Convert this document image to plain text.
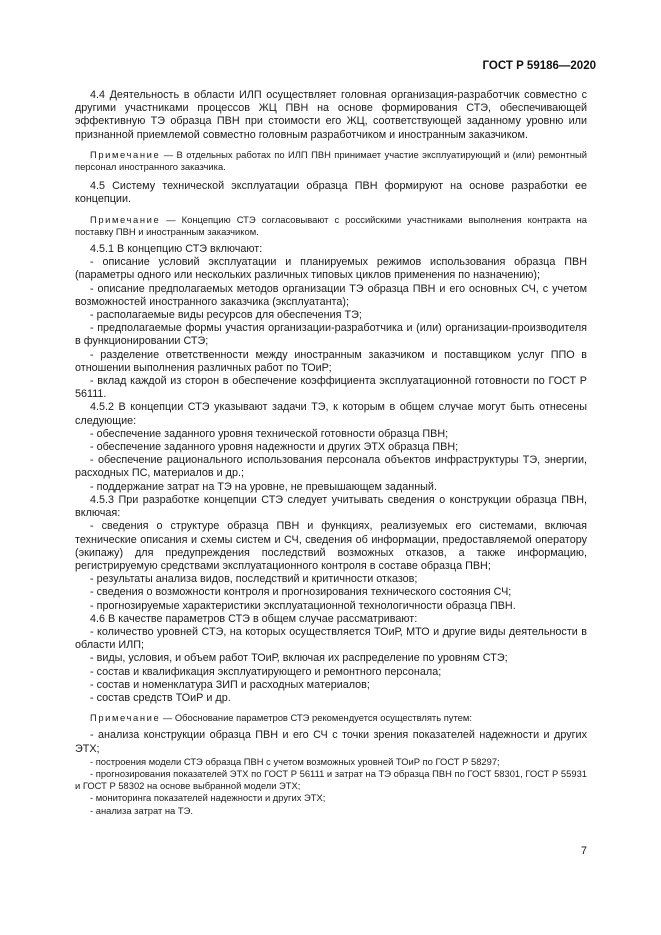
ГОСТ Р 59186—2020

4.4 Деятельность в области ИЛП осуществляет головная организация-разработчик совместно с другими участниками процессов ЖЦ ПВН на основе формирования СТЭ, обеспечивающей эффективную ТЭ образца ПВН при стоимости его ЖЦ, соответствующей заданному уровню или признанной приемлемой совместно головным разработчиком и иностранным заказчиком.

Примечание — В отдельных работах по ИЛП ПВН принимает участие эксплуатирующий и (или) ремонтный персонал иностранного заказчика.

4.5 Систему технической эксплуатации образца ПВН формируют на основе разработки ее концепции.

Примечание — Концепцию СТЭ согласовывают с российскими участниками выполнения контракта на поставку ПВН и иностранным заказчиком.

4.5.1 В концепцию СТЭ включают:

- описание условий эксплуатации и планируемых режимов использования образца ПВН (параметры одного или нескольких различных типовых циклов применения по назначению);

- описание предполагаемых методов организации ТЭ образца ПВН и его основных СЧ, с учетом возможностей иностранного заказчика (эксплуатанта);

- располагаемые виды ресурсов для обеспечения ТЭ;

- предполагаемые формы участия организации-разработчика и (или) организации-производителя в функционировании СТЭ;

- разделение ответственности между иностранным заказчиком и поставщиком услуг ППО в отношении выполнения различных работ по ТОиР;

- вклад каждой из сторон в обеспечение коэффициента эксплуатационной готовности по ГОСТ Р 56111.

4.5.2 В концепции СТЭ указывают задачи ТЭ, к которым в общем случае могут быть отнесены следующие:

- обеспечение заданного уровня технической готовности образца ПВН;

- обеспечение заданного уровня надежности и других ЭТХ образца ПВН;

- обеспечение рационального использования персонала объектов инфраструктуры ТЭ, энергии, расходных ПС, материалов и др.;

- поддержание затрат на ТЭ на уровне, не превышающем заданный.

4.5.3 При разработке концепции СТЭ следует учитывать сведения о конструкции образца ПВН, включая:

- сведения о структуре образца ПВН и функциях, реализуемых его системами, включая технические описания и схемы систем и СЧ, сведения об информации, предоставляемой оператору (экипажу) для предупреждения последствий возможных отказов, а также информацию, регистрируемую средствами эксплуатационного контроля в составе образца ПВН;

- результаты анализа видов, последствий и критичности отказов;

- сведения о возможности контроля и прогнозирования технического состояния СЧ;

- прогнозируемые характеристики эксплуатационной технологичности образца ПВН.

4.6 В качестве параметров СТЭ в общем случае рассматривают:

- количество уровней СТЭ, на которых осуществляется ТОиР, МТО и другие виды деятельности в области ИЛП;

- виды, условия, и объем работ ТОиР, включая их распределение по уровням СТЭ;

- состав и квалификация эксплуатирующего и ремонтного персонала;

- состав и номенклатура ЗИП и расходных материалов;

- состав средств ТОиР и др.

Примечание — Обоснование параметров СТЭ рекомендуется осуществлять путем:

- анализа конструкции образца ПВН и его СЧ с точки зрения показателей надежности и других ЭТХ;

- построения модели СТЭ образца ПВН с учетом возможных уровней ТОиР по ГОСТ Р 58297;

- прогнозирования показателей ЭТХ по ГОСТ Р 56111 и затрат на ТЭ образца ПВН по ГОСТ 58301, ГОСТ Р 55931 и ГОСТ Р 58302 на основе выбранной модели ЭТХ;

- мониторинга показателей надежности и других ЭТХ;

- анализа затрат на ТЭ.

7
